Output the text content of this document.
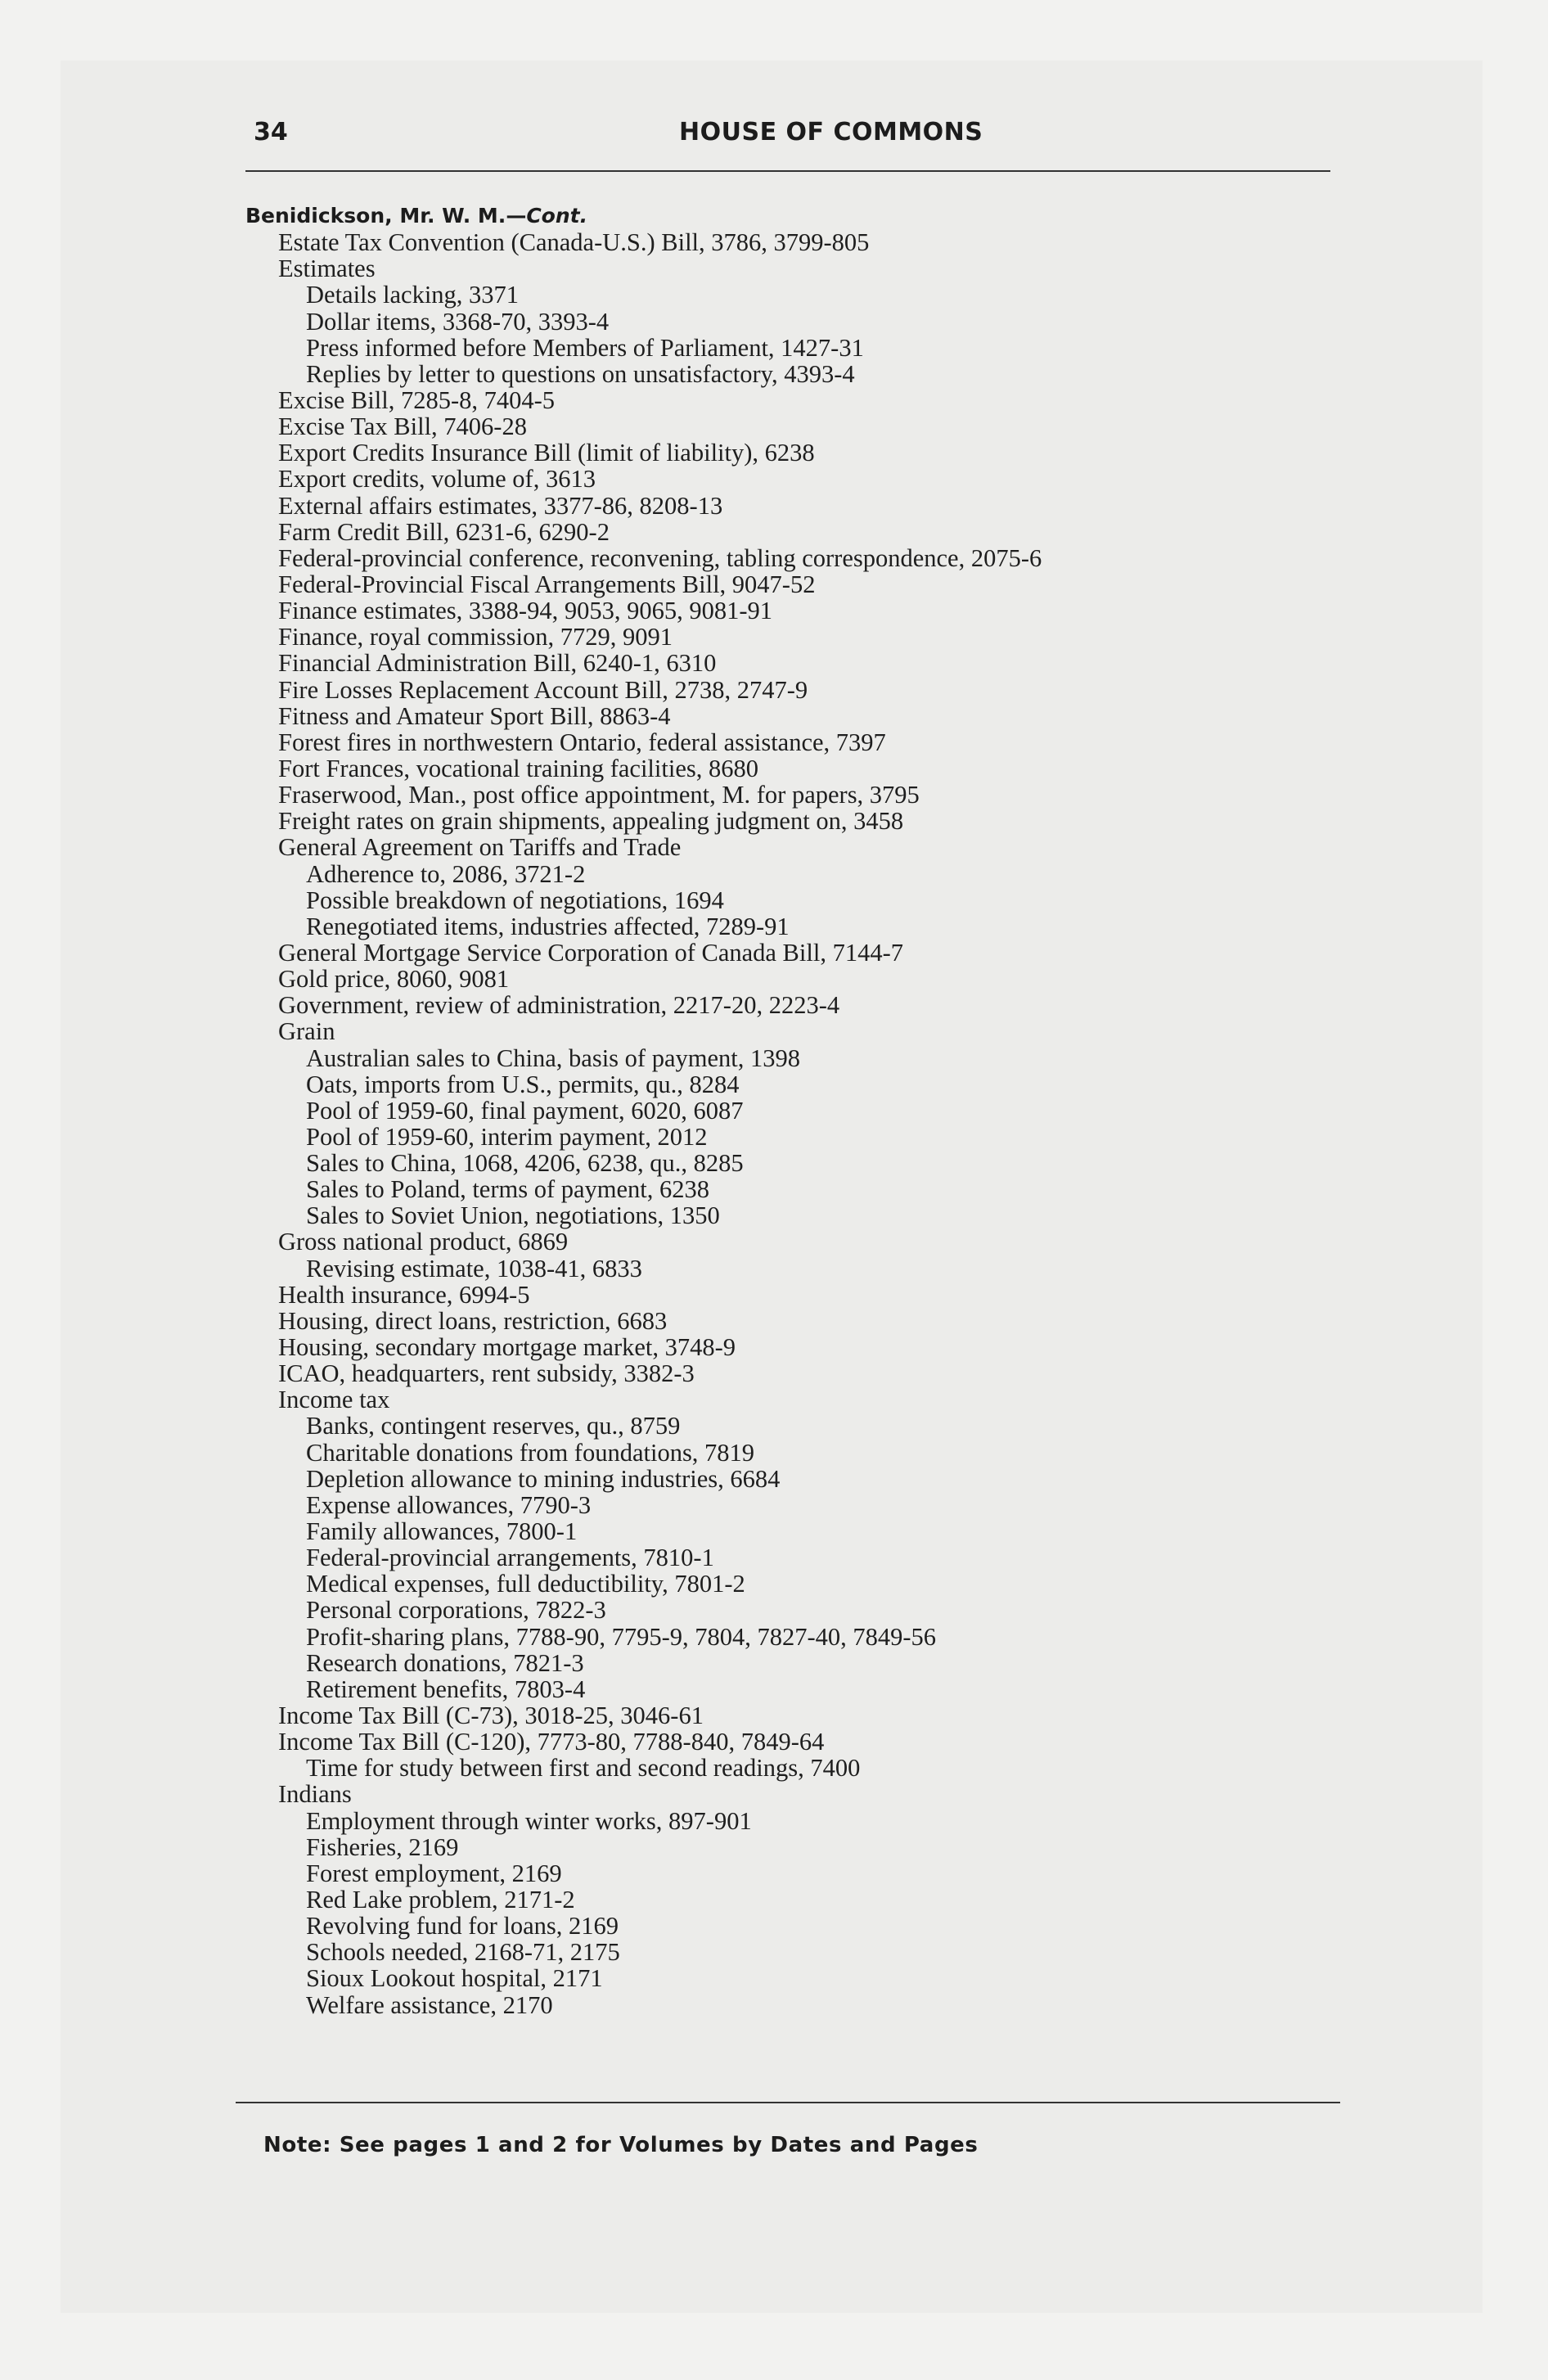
34	HOUSE OF COMMONS
Benidickson, Mr. W. M.—Cont.
Estate Tax Convention (Canada-U.S.) Bill, 3786, 3799-805
Estimates
Details lacking, 3371
Dollar items, 3368-70, 3393-4
Press informed before Members of Parliament, 1427-31
Replies by letter to questions on unsatisfactory, 4393-4
Excise Bill, 7285-8, 7404-5
Excise Tax Bill, 7406-28
Export Credits Insurance Bill (limit of liability), 6238
Export credits, volume of, 3613
External affairs estimates, 3377-86, 8208-13
Farm Credit Bill, 6231-6, 6290-2
Federal-provincial conference, reconvening, tabling correspondence, 2075-6
Federal-Provincial Fiscal Arrangements Bill, 9047-52
Finance estimates, 3388-94, 9053, 9065, 9081-91
Finance, royal commission, 7729, 9091
Financial Administration Bill, 6240-1, 6310
Fire Losses Replacement Account Bill, 2738, 2747-9
Fitness and Amateur Sport Bill, 8863-4
Forest fires in northwestern Ontario, federal assistance, 7397
Fort Frances, vocational training facilities, 8680
Fraserwood, Man., post office appointment, M. for papers, 3795
Freight rates on grain shipments, appealing judgment on, 3458
General Agreement on Tariffs and Trade
Adherence to, 2086, 3721-2
Possible breakdown of negotiations, 1694
Renegotiated items, industries affected, 7289-91
General Mortgage Service Corporation of Canada Bill, 7144-7
Gold price, 8060, 9081
Government, review of administration, 2217-20, 2223-4
Grain
Australian sales to China, basis of payment, 1398
Oats, imports from U.S., permits, qu., 8284
Pool of 1959-60, final payment, 6020, 6087
Pool of 1959-60, interim payment, 2012
Sales to China, 1068, 4206, 6238, qu., 8285
Sales to Poland, terms of payment, 6238
Sales to Soviet Union, negotiations, 1350
Gross national product, 6869
Revising estimate, 1038-41, 6833
Health insurance, 6994-5
Housing, direct loans, restriction, 6683
Housing, secondary mortgage market, 3748-9
ICAO, headquarters, rent subsidy, 3382-3
Income tax
Banks, contingent reserves, qu., 8759
Charitable donations from foundations, 7819
Depletion allowance to mining industries, 6684
Expense allowances, 7790-3
Family allowances, 7800-1
Federal-provincial arrangements, 7810-1
Medical expenses, full deductibility, 7801-2
Personal corporations, 7822-3
Profit-sharing plans, 7788-90, 7795-9, 7804, 7827-40, 7849-56
Research donations, 7821-3
Retirement benefits, 7803-4
Income Tax Bill (C-73), 3018-25, 3046-61
Income Tax Bill (C-120), 7773-80, 7788-840, 7849-64
Time for study between first and second readings, 7400
Indians
Employment through winter works, 897-901
Fisheries, 2169
Forest employment, 2169
Red Lake problem, 2171-2
Revolving fund for loans, 2169
Schools needed, 2168-71, 2175
Sioux Lookout hospital, 2171
Welfare assistance, 2170
Note: See pages 1 and 2 for Volumes by Dates and Pages
